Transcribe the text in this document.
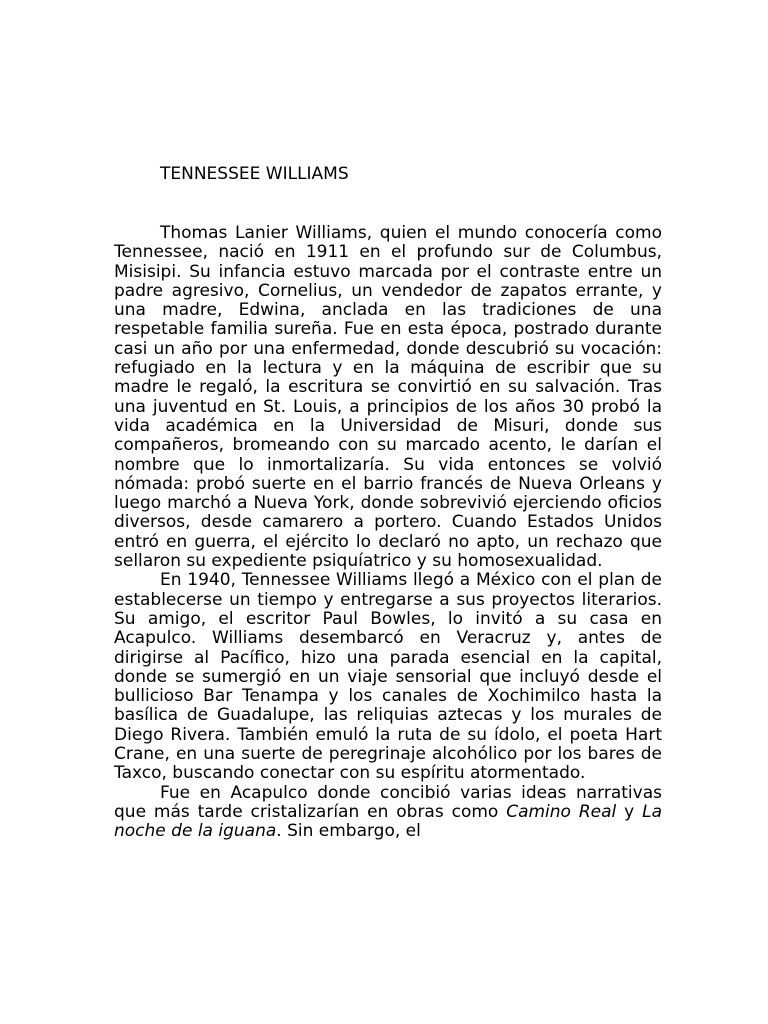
TENNESSEE WILLIAMS

Thomas Lanier Williams, quien el mundo conocería como Tennessee, nació en 1911 en el profundo sur de Columbus, Misisipi. Su infancia estuvo marcada por el contraste entre un padre agresivo, Cornelius, un vendedor de zapatos errante, y una madre, Edwina, anclada en las tradiciones de una respetable familia sureña. Fue en esta época, postrado durante casi un año por una enfermedad, donde descubrió su vocación: refugiado en la lectura y en la máquina de escribir que su madre le regaló, la escritura se convirtió en su salvación. Tras una juventud en St. Louis, a principios de los años 30 probó la vida académica en la Universidad de Misuri, donde sus compañeros, bromeando con su marcado acento, le darían el nombre que lo inmortalizaría. Su vida entonces se volvió nómada: probó suerte en el barrio francés de Nueva Orleans y luego marchó a Nueva York, donde sobrevivió ejerciendo oficios diversos, desde camarero a portero. Cuando Estados Unidos entró en guerra, el ejército lo declaró no apto, un rechazo que sellaron su expediente psiquíatrico y su homosexualidad.

En 1940, Tennessee Williams llegó a México con el plan de establecerse un tiempo y entregarse a sus proyectos literarios. Su amigo, el escritor Paul Bowles, lo invitó a su casa en Acapulco. Williams desembarcó en Veracruz y, antes de dirigirse al Pacífico, hizo una parada esencial en la capital, donde se sumergió en un viaje sensorial que incluyó desde el bullicioso Bar Tenampa y los canales de Xochimilco hasta la basílica de Guadalupe, las reliquias aztecas y los murales de Diego Rivera. También emuló la ruta de su ídolo, el poeta Hart Crane, en una suerte de peregrinaje alcohólico por los bares de Taxco, buscando conectar con su espíritu atormentado.

Fue en Acapulco donde concibió varias ideas narrativas que más tarde cristalizarían en obras como Camino Real y La noche de la iguana. Sin embargo, el
